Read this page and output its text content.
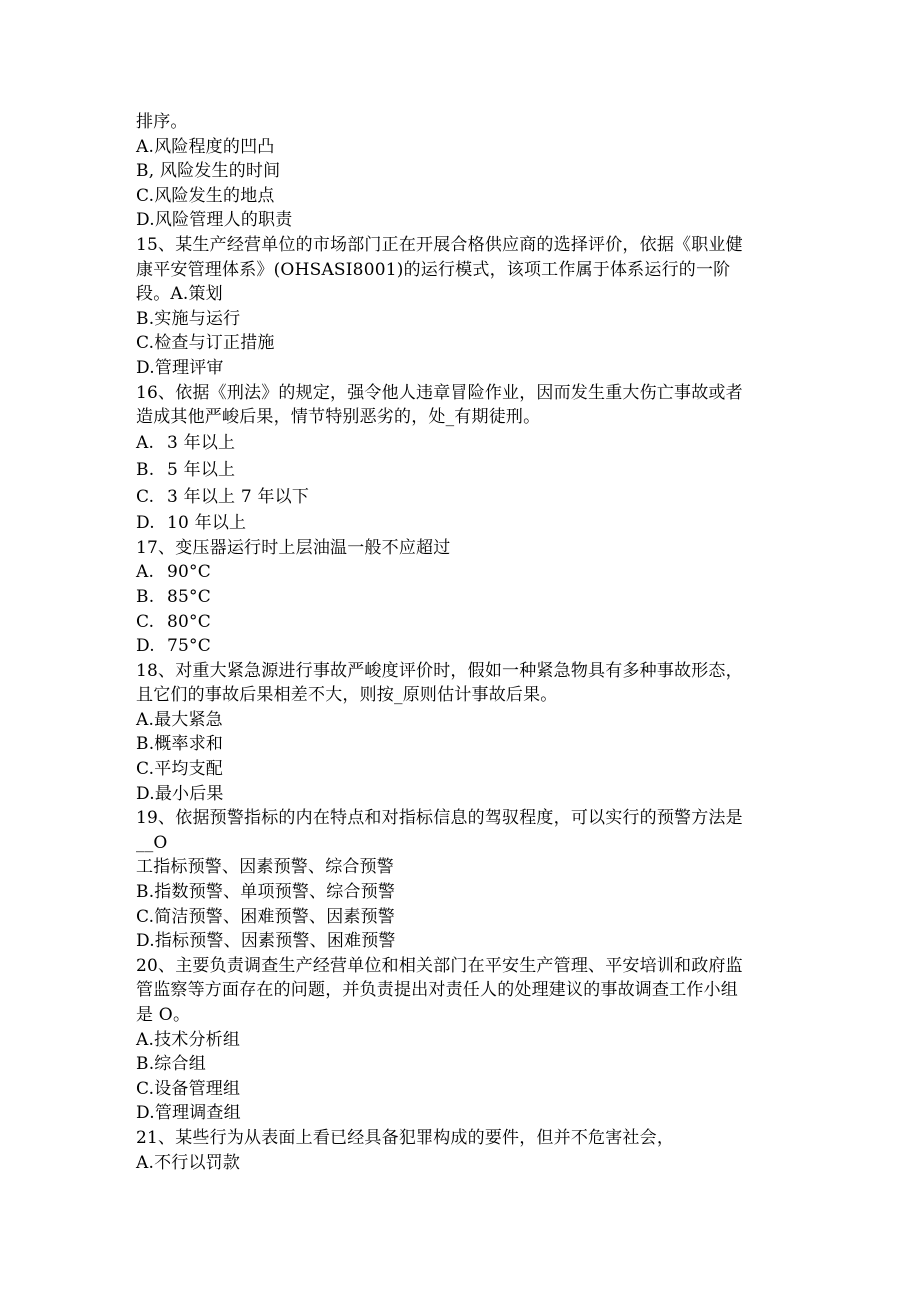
排序。
A.风险程度的凹凸
B, 风险发生的时间
C.风险发生的地点
D.风险管理人的职责
15、某生产经营单位的市场部门正在开展合格供应商的选择评价，依据《职业健
康平安管理体系》(OHSASI8001)的运行模式，该项工作属于体系运行的一阶
段。A.策划
B.实施与运行
C.检查与订正措施
D.管理评审
16、依据《刑法》的规定，强令他人违章冒险作业，因而发生重大伤亡事故或者
造成其他严峻后果，情节特别恶劣的，处_有期徒刑。
A. 3 年以上
B. 5 年以上
C. 3 年以上 7 年以下
D. 10 年以上
17、变压器运行时上层油温一般不应超过
A. 90°C
B. 85°C
C. 80°C
D. 75°C
18、对重大紧急源进行事故严峻度评价时，假如一种紧急物具有多种事故形态，
且它们的事故后果相差不大，则按_原则估计事故后果。
A.最大紧急
B.概率求和
C.平均支配
D.最小后果
19、依据预警指标的内在特点和对指标信息的驾驭程度，可以实行的预警方法是
__O
工指标预警、因素预警、综合预警
B.指数预警、单项预警、综合预警
C.简洁预警、困难预警、因素预警
D.指标预警、因素预警、困难预警
20、主要负责调查生产经营单位和相关部门在平安生产管理、平安培训和政府监
管监察等方面存在的问题，并负责提出对责任人的处理建议的事故调查工作小组
是 O。
A.技术分析组
B.综合组
C.设备管理组
D.管理调查组
21、某些行为从表面上看已经具备犯罪构成的要件，但并不危害社会，
A.不行以罚款
